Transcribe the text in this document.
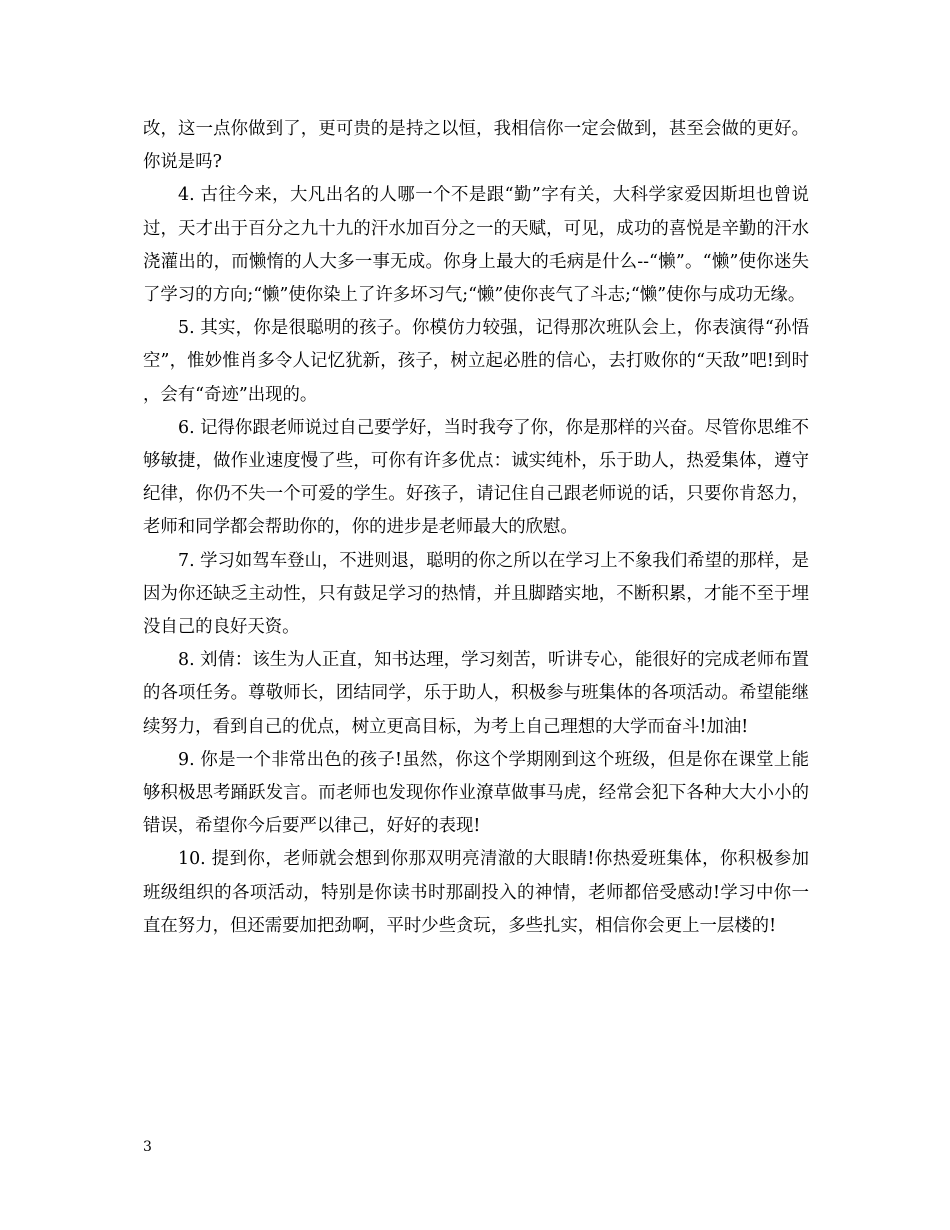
改，这一点你做到了，更可贵的是持之以恒，我相信你一定会做到，甚至会做的更好。你说是吗?

4. 古往今来，大凡出名的人哪一个不是跟“勤”字有关，大科学家爱因斯坦也曾说过，天才出于百分之九十九的汗水加百分之一的天赋，可见，成功的喜悦是辛勤的汗水浇灌出的，而懒惰的人大多一事无成。你身上最大的毛病是什么--“懒”。“懒”使你迷失了学习的方向;“懒”使你染上了许多坏习气;“懒”使你丧气了斗志;“懒”使你与成功无缘。

5. 其实，你是很聪明的孩子。你模仿力较强，记得那次班队会上，你表演得“孙悟空”，惟妙惟肖多令人记忆犹新，孩子，树立起必胜的信心，去打败你的“天敌”吧!到时，会有“奇迹”出现的。

6. 记得你跟老师说过自己要学好，当时我夸了你，你是那样的兴奋。尽管你思维不够敏捷，做作业速度慢了些，可你有许多优点：诚实纯朴，乐于助人，热爱集体，遵守纪律，你仍不失一个可爱的学生。好孩子，请记住自己跟老师说的话，只要你肯怒力，老师和同学都会帮助你的，你的进步是老师最大的欣慰。

7. 学习如驾车登山，不进则退，聪明的你之所以在学习上不象我们希望的那样，是因为你还缺乏主动性，只有鼓足学习的热情，并且脚踏实地，不断积累，才能不至于埋没自己的良好天资。

8. 刘倩：该生为人正直，知书达理，学习刻苦，听讲专心，能很好的完成老师布置的各项任务。尊敬师长，团结同学，乐于助人，积极参与班集体的各项活动。希望能继续努力，看到自己的优点，树立更高目标，为考上自己理想的大学而奋斗!加油!

9. 你是一个非常出色的孩子!虽然，你这个学期刚到这个班级，但是你在课堂上能够积极思考踊跃发言。而老师也发现你作业潦草做事马虎，经常会犯下各种大大小小的错误，希望你今后要严以律己，好好的表现!

10. 提到你，老师就会想到你那双明亮清澈的大眼睛!你热爱班集体，你积极参加班级组织的各项活动，特别是你读书时那副投入的神情，老师都倍受感动!学习中你一直在努力，但还需要加把劲啊，平时少些贪玩，多些扎实，相信你会更上一层楼的!

3
